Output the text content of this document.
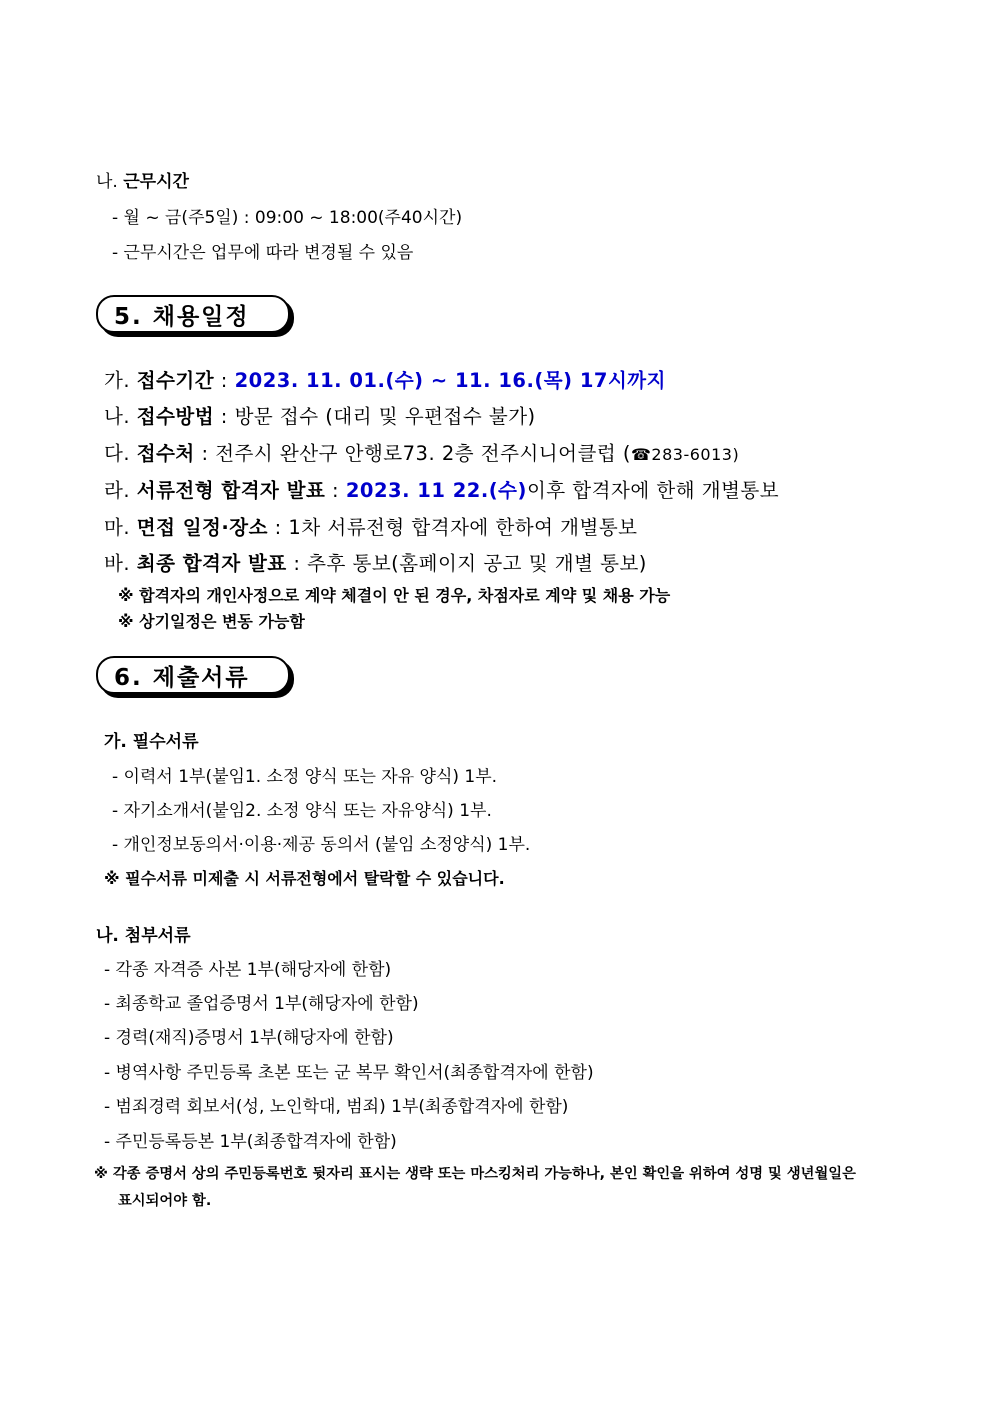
나. 근무시간
- 월 ~ 금(주5일) : 09:00 ~ 18:00(주40시간)
- 근무시간은 업무에 따라 변경될 수 있음
5. 채용일정
가. 접수기간 : 2023. 11. 01.(수) ~ 11. 16.(목) 17시까지
나. 접수방법 : 방문 접수 (대리 및 우편접수 불가)
다. 접수처 : 전주시 완산구 안행로73. 2층 전주시니어클럽 (☎283-6013)
라. 서류전형 합격자 발표 : 2023. 11 22.(수)이후 합격자에 한해 개별통보
마. 면접 일정·장소 : 1차 서류전형 합격자에 한하여 개별통보
바. 최종 합격자 발표 : 추후 통보(홈페이지 공고 및 개별 통보)
※ 합격자의 개인사정으로 계약 체결이 안 된 경우, 차점자로 계약 및 채용 가능
※ 상기일정은 변동 가능함
6. 제출서류
가. 필수서류
- 이력서 1부(붙임1. 소정 양식 또는 자유 양식) 1부.
- 자기소개서(붙임2. 소정 양식 또는 자유양식) 1부.
- 개인정보동의서·이용·제공 동의서 (붙임 소정양식) 1부.
※ 필수서류 미제출 시 서류전형에서 탈락할 수 있습니다.
나. 첨부서류
- 각종 자격증 사본 1부(해당자에 한함)
- 최종학교 졸업증명서 1부(해당자에 한함)
- 경력(재직)증명서 1부(해당자에 한함)
- 병역사항 주민등록 초본 또는 군 복무 확인서(최종합격자에 한함)
- 범죄경력 회보서(성, 노인학대, 범죄) 1부(최종합격자에 한함)
- 주민등록등본 1부(최종합격자에 한함)
※ 각종 증명서 상의 주민등록번호 뒷자리 표시는 생략 또는 마스킹처리 가능하나, 본인 확인을 위하여 성명 및 생년월일은
표시되어야 함.
